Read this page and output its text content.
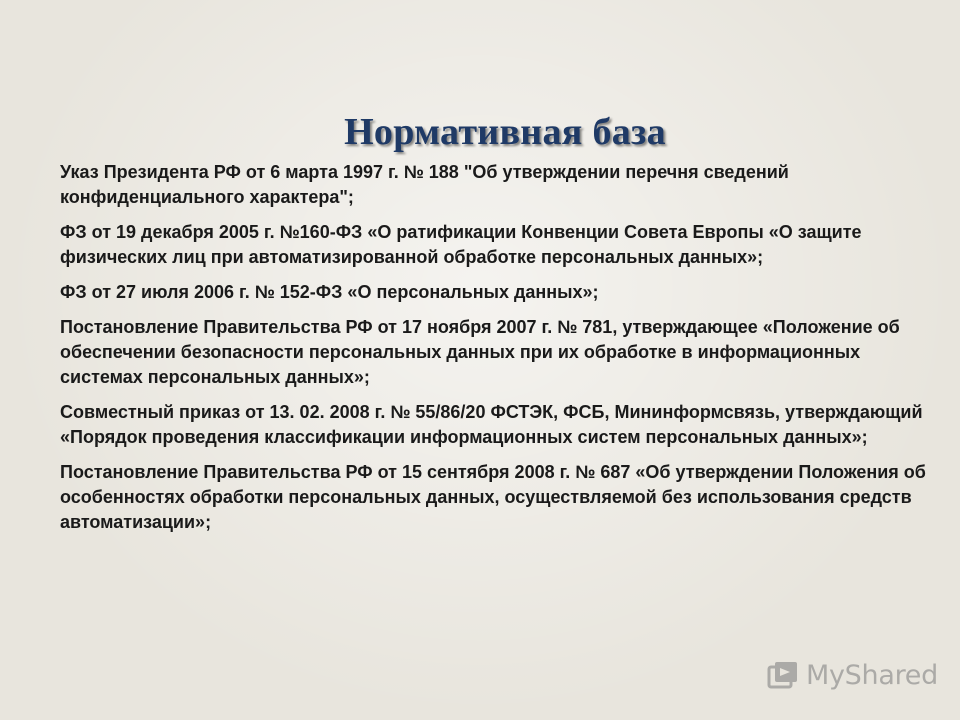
Нормативная база

Указ Президента РФ от 6 марта 1997 г. № 188 "Об утверждении перечня сведений конфиденциального характера";

ФЗ от 19 декабря 2005 г. №160-ФЗ «О ратификации Конвенции Совета Европы «О защите физических лиц при автоматизированной обработке персональных данных»;

ФЗ от 27 июля 2006 г. № 152-ФЗ «О персональных данных»;

Постановление Правительства РФ от 17 ноября 2007 г. № 781, утверждающее «Положение об обеспечении безопасности персональных данных при их обработке в информационных системах персональных данных»;

Совместный приказ от 13. 02. 2008 г. № 55/86/20 ФСТЭК, ФСБ, Мининформсвязь, утверждающий «Порядок проведения классификации информационных систем персональных данных»;

Постановление Правительства РФ от 15 сентября 2008 г. № 687 «Об утверждении Положения об особенностях обработки персональных данных, осуществляемой без использования средств автоматизации»;

MyShared
